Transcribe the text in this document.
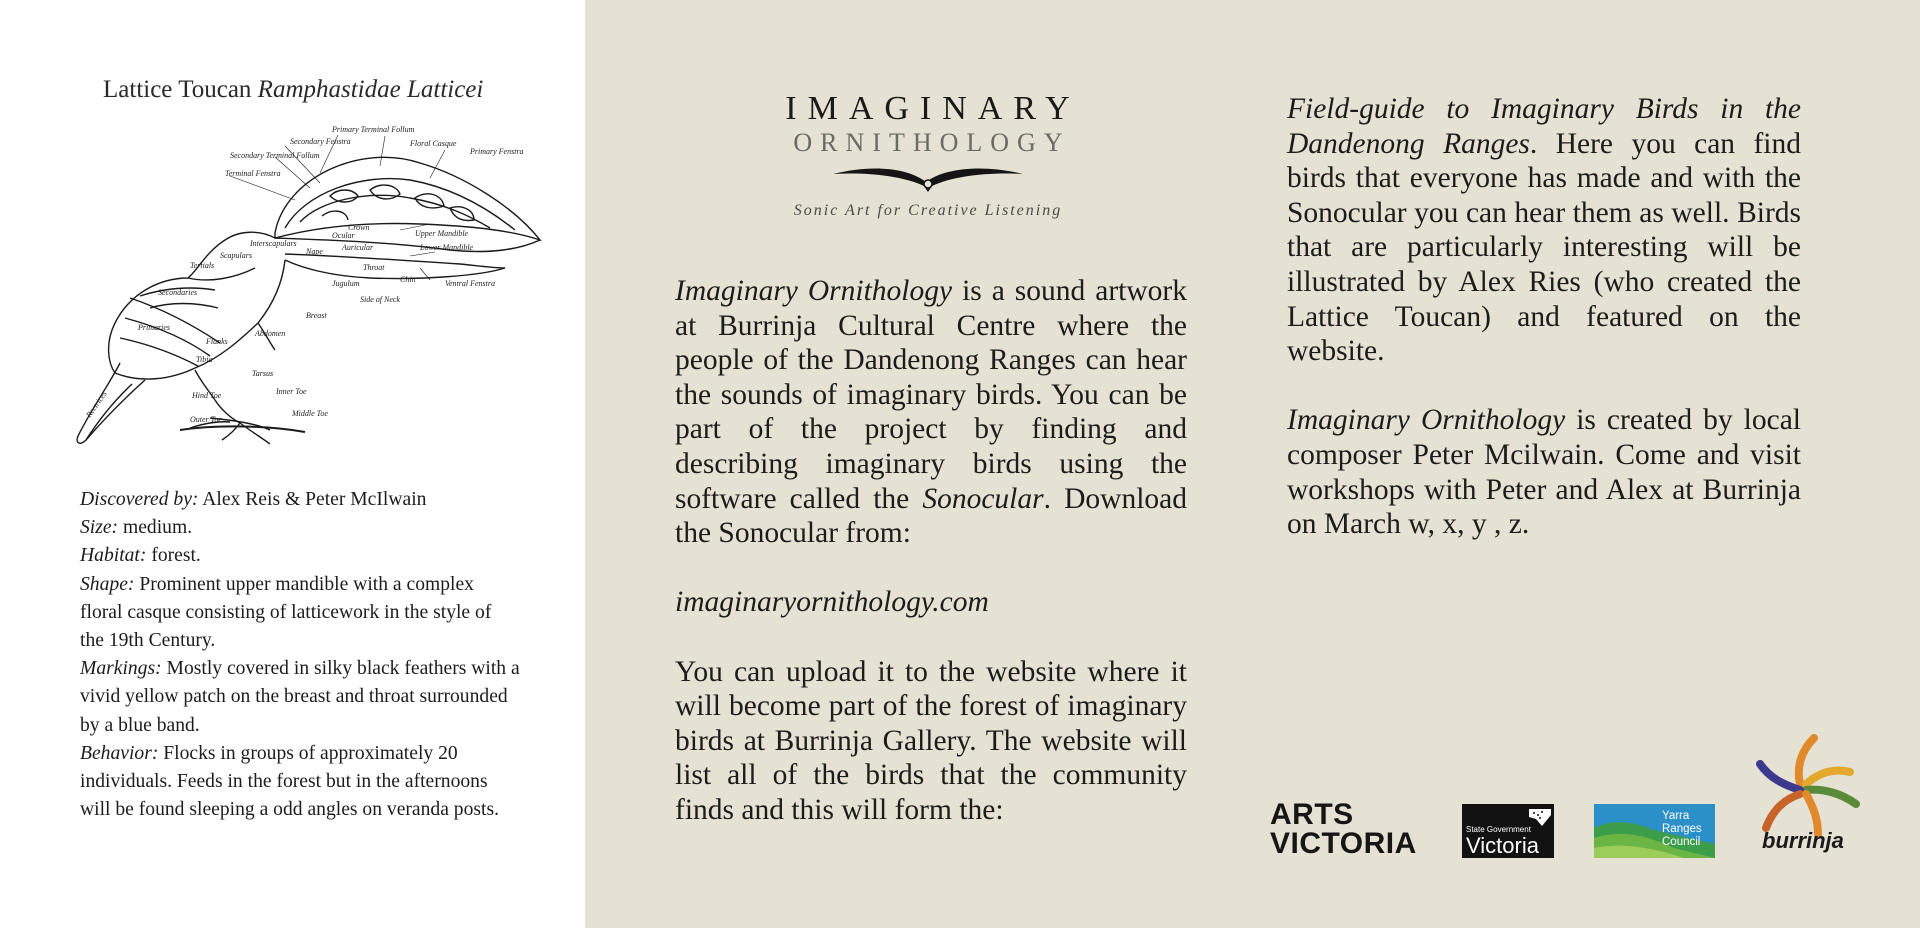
Lattice Toucan Ramphastidae Latticei
Primary Terminal Follum
Floral Casque
Secondary Fenstra
Primary Fenstra
Secondary Terminal Follum
Terminal Fenstra
Upper Mandible
Lower Mandible
Ventral Fenstra
Crown
Nape Auricular
Ocular
Interscapulars
Scapulars
Tertials
Secondaries
Primaries
Throat
Chin
Side of Neck
Jugulum
Breast
Abdomen
Flanks
Tibia
Tarsus
Inner Toe
Hind Toe
Outer Toe
Middle Toe
Rectrices

Discovered by: Alex Reis & Peter McIlwain

Size: medium.

Habitat: forest.

Shape: Prominent upper mandible with a complex floral casque consisting of latticework in the style of the 19th Century.

Markings: Mostly covered in silky black feathers with a vivid yellow patch on the breast and throat surrounded by a blue band.

Behavior: Flocks in groups of approximately 20 individuals. Feeds in the forest but in the afternoons will be found sleeping a odd angles on veranda posts.

IMAGINARY
ORNITHOLOGY
Sonic Art for Creative Listening

Imaginary Ornithology is a sound artwork at Burrinja Cultural Centre where the people of the Dandenong Ranges can hear the sounds of imaginary birds. You can be part of the project by finding and describing imaginary birds using the software called the Sonocular. Download the Sonocular from:

imaginaryornithology.com

You can upload it to the website where it will become part of the forest of imaginary birds at Burrinja Gallery. The website will list all of the birds that the community finds and this will form the:

Field-guide to Imaginary Birds in the Dandenong Ranges. Here you can find birds that everyone has made and with the Sonocular you can hear them as well. Birds that are particularly interesting will be illustrated by Alex Ries (who created the Lattice Toucan) and featured on the website.

Imaginary Ornithology is created by local composer Peter Mcilwain. Come and visit workshops with Peter and Alex at Burrinja on March w, x, y , z.

ARTS
VICTORIA	State Government
Victoria
Yarra
Ranges
Council	burrinja
